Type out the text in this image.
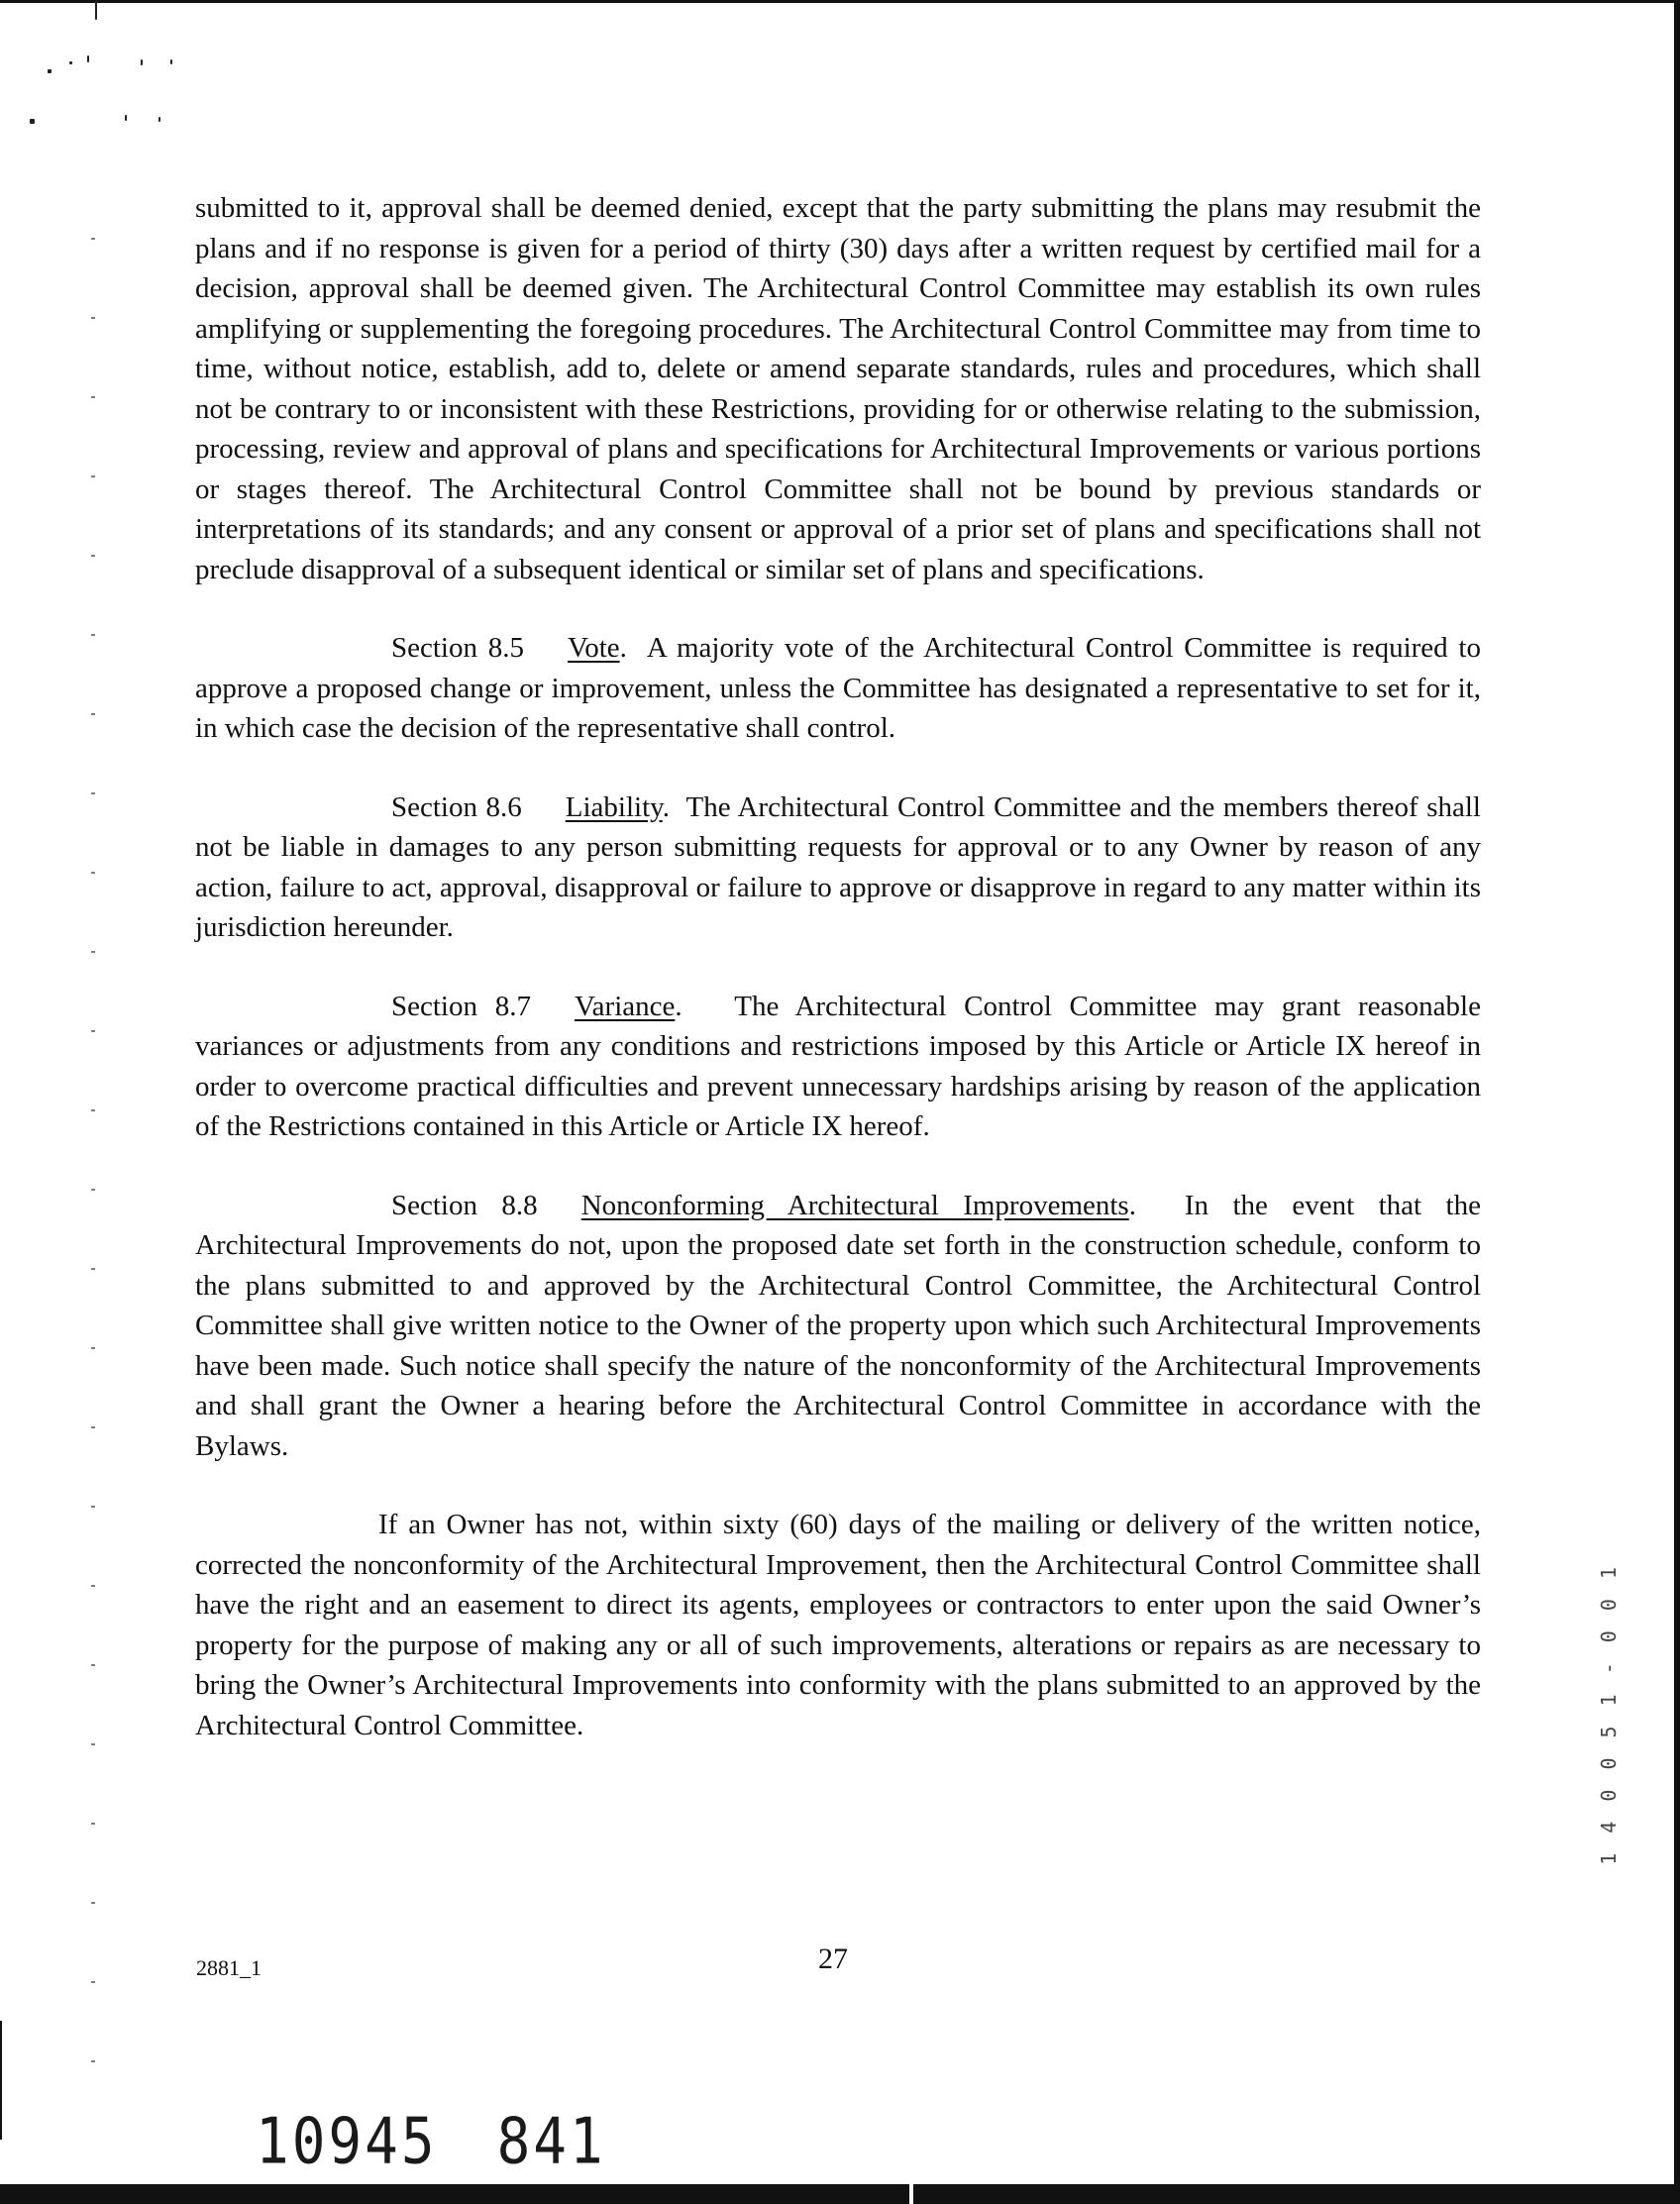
submitted to it, approval shall be deemed denied, except that the party submitting the plans may resubmit the plans and if no response is given for a period of thirty (30) days after a written request by certified mail for a decision, approval shall be deemed given. The Architectural Control Committee may establish its own rules amplifying or supplementing the foregoing procedures. The Architectural Control Committee may from time to time, without notice, establish, add to, delete or amend separate standards, rules and procedures, which shall not be contrary to or inconsistent with these Restrictions, providing for or otherwise relating to the submission, processing, review and approval of plans and specifications for Architectural Improvements or various portions or stages thereof. The Architectural Control Committee shall not be bound by previous standards or interpretations of its standards; and any consent or approval of a prior set of plans and specifications shall not preclude disapproval of a subsequent identical or similar set of plans and specifications.

Section 8.5 Vote.  A majority vote of the Architectural Control Committee is required to approve a proposed change or improvement, unless the Committee has designated a representative to set for it, in which case the decision of the representative shall control.

Section 8.6 Liability.  The Architectural Control Committee and the members thereof shall not be liable in damages to any person submitting requests for approval or to any Owner by reason of any action, failure to act, approval, disapproval or failure to approve or disapprove in regard to any matter within its jurisdiction hereunder.

Section 8.7 Variance.   The Architectural Control Committee may grant reasonable variances or adjustments from any conditions and restrictions imposed by this Article or Article IX hereof in order to overcome practical difficulties and prevent unnecessary hardships arising by reason of the application of the Restrictions contained in this Article or Article IX hereof.

Section 8.8 Nonconforming Architectural Improvements.  In the event that the Architectural Improvements do not, upon the proposed date set forth in the construction schedule, conform to the plans submitted to and approved by the Architectural Control Committee, the Architectural Control Committee shall give written notice to the Owner of the property upon which such Architectural Improvements have been made. Such notice shall specify the nature of the nonconformity of the Architectural Improvements and shall grant the Owner a hearing before the Architectural Control Committee in accordance with the Bylaws.

If an Owner has not, within sixty (60) days of the mailing or delivery of the written notice, corrected the nonconformity of the Architectural Improvement, then the Architectural Control Committee shall have the right and an easement to direct its agents, employees or contractors to enter upon the said Owner’s property for the purpose of making any or all of such improvements, alterations or repairs as are necessary to bring the Owner’s Architectural Improvements into conformity with the plans submitted to an approved by the Architectural Control Committee.

2881_1	27
10945 841
1 4 0 0 5 1 - 0 0 1
